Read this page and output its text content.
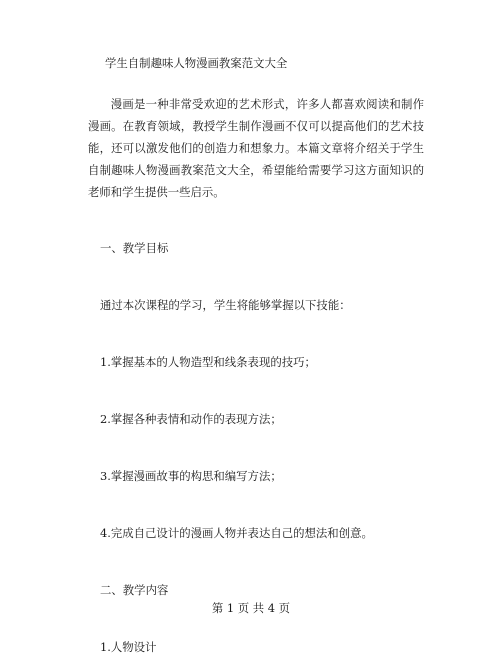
学生自制趣味人物漫画教案范文大全

漫画是一种非常受欢迎的艺术形式，许多人都喜欢阅读和制作漫画。在教育领域，教授学生制作漫画不仅可以提高他们的艺术技能，还可以激发他们的创造力和想象力。本篇文章将介绍关于学生自制趣味人物漫画教案范文大全，希望能给需要学习这方面知识的老师和学生提供一些启示。

一、教学目标
通过本次课程的学习，学生将能够掌握以下技能：
1.掌握基本的人物造型和线条表现的技巧；
2.掌握各种表情和动作的表现方法；
3.掌握漫画故事的构思和编写方法；
4.完成自己设计的漫画人物并表达自己的想法和创意。
二、教学内容
1.人物设计
第 1 页 共 4 页
